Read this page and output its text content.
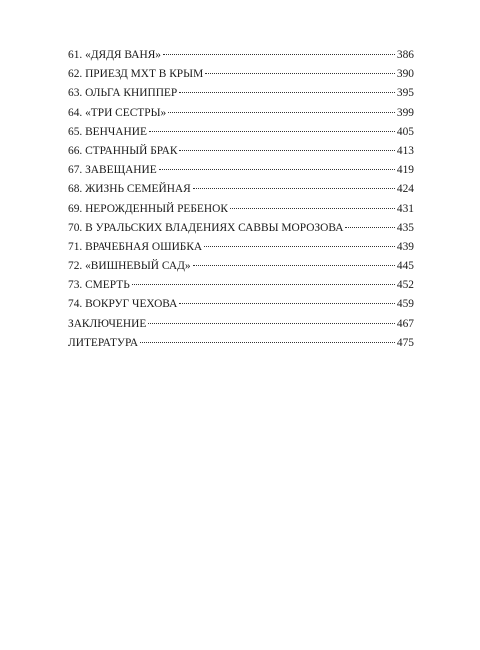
61. «ДЯДЯ ВАНЯ»	386
62. ПРИЕЗД МХТ В КРЫМ	390
63. ОЛЬГА КНИППЕР	395
64. «ТРИ СЕСТРЫ»	399
65. ВЕНЧАНИЕ	405
66. СТРАННЫЙ БРАК	413
67. ЗАВЕЩАНИЕ	419
68. ЖИЗНЬ СЕМЕЙНАЯ	424
69. НЕРОЖДЕННЫЙ РЕБЕНОК	431
70. В УРАЛЬСКИХ ВЛАДЕНИЯХ САВВЫ МОРОЗОВА	435
71. ВРАЧЕБНАЯ ОШИБКА	439
72. «ВИШНЕВЫЙ САД»	445
73. СМЕРТЬ	452
74. ВОКРУГ ЧЕХОВА	459
ЗАКЛЮЧЕНИЕ	467
ЛИТЕРАТУРА	475
